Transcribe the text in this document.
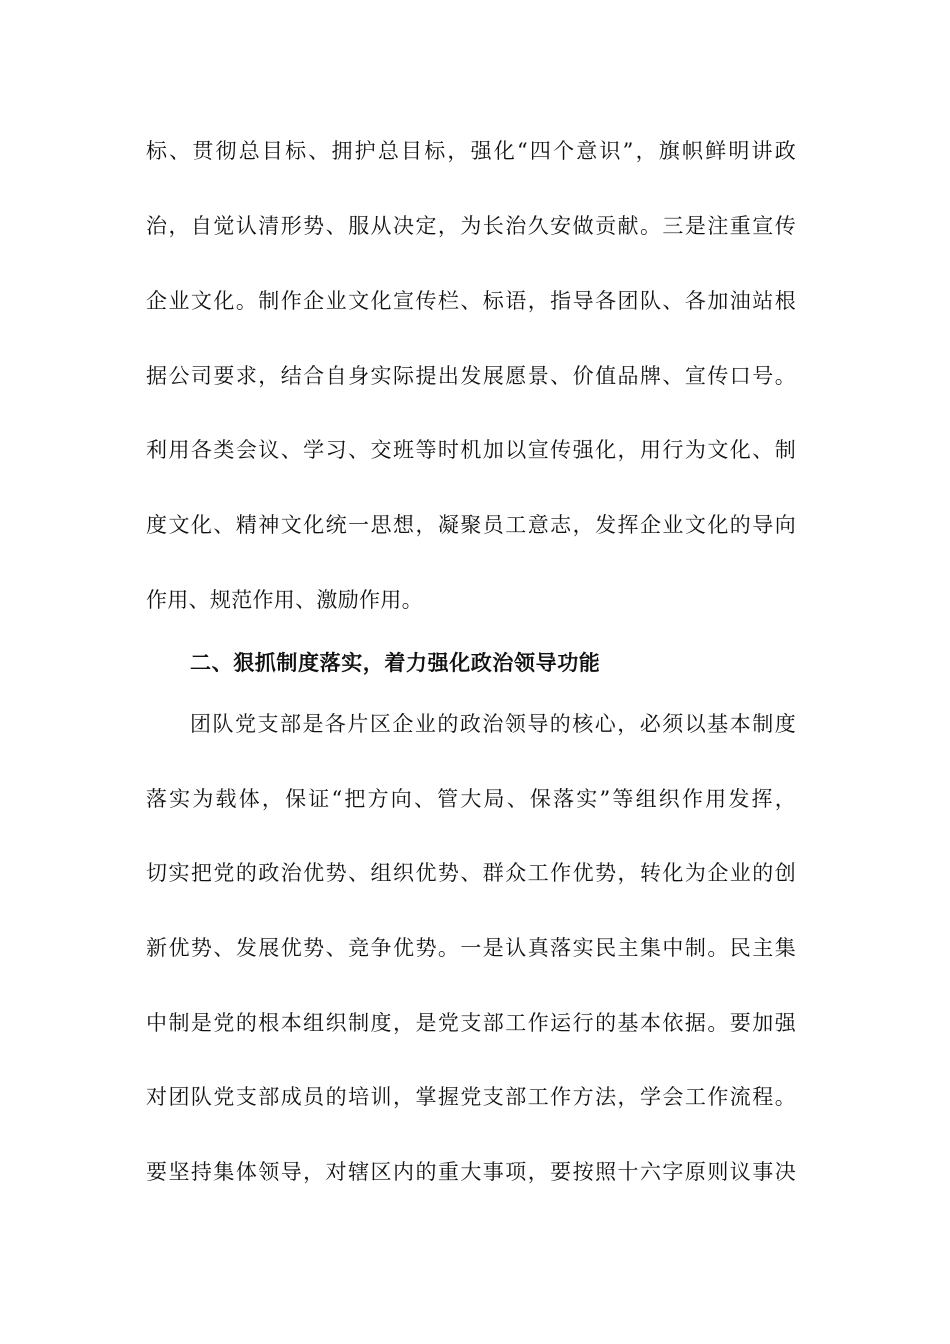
标、贯彻总目标、拥护总目标，强化“四个意识”，旗帜鲜明讲政
治，自觉认清形势、服从决定，为长治久安做贡献。三是注重宣传
企业文化。制作企业文化宣传栏、标语，指导各团队、各加油站根
据公司要求，结合自身实际提出发展愿景、价值品牌、宣传口号。
利用各类会议、学习、交班等时机加以宣传强化，用行为文化、制
度文化、精神文化统一思想，凝聚员工意志，发挥企业文化的导向
作用、规范作用、激励作用。
二、狠抓制度落实，着力强化政治领导功能
团队党支部是各片区企业的政治领导的核心，必须以基本制度
落实为载体，保证“把方向、管大局、保落实”等组织作用发挥，
切实把党的政治优势、组织优势、群众工作优势，转化为企业的创
新优势、发展优势、竞争优势。一是认真落实民主集中制。民主集
中制是党的根本组织制度，是党支部工作运行的基本依据。要加强
对团队党支部成员的培训，掌握党支部工作方法，学会工作流程。
要坚持集体领导，对辖区内的重大事项，要按照十六字原则议事决
